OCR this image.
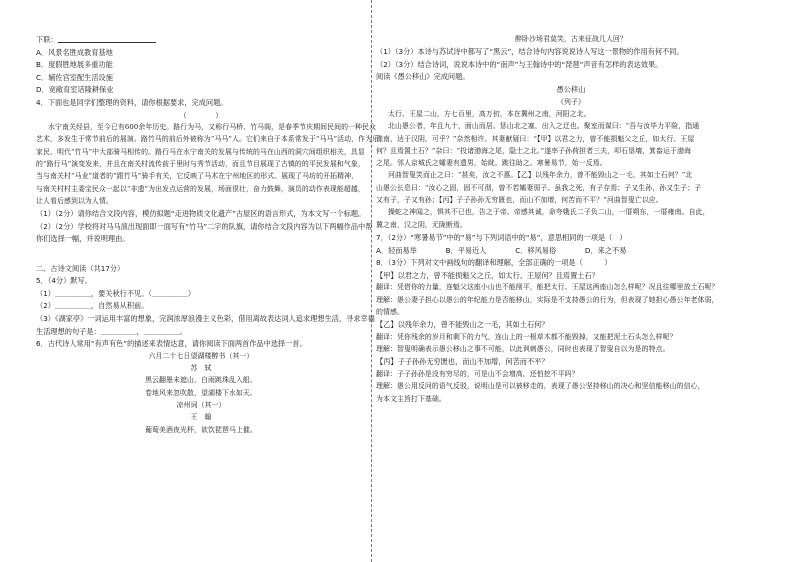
下联：
A．风景名胜成教育基地
B．度假胜地展多重功能
C．辅佐宫室配生活设施
D．宽敞育室话隆耕保业
4．下面也是同学们整理的资料，请你根据要求，完成问题。
（　　　　）
水宁南关经县，至今已有600余年历史。路行为马，又称行马桥、竹马阁，是春季节庆期间民间的一种民众
艺术，多发生于常节前后的展演。路竹马的前后外被称为“马马”人。它们来自于本系常发于“马马”活动，作为乐
家民、明代“竹马”中大部骑马相传的。路行马在水宁南关的发展与传统的马在山西的洞穴间组织相关，具显
的“路行马”演变发来，并且在南关村流传前于里时与秀节活动，而且节目展现了古镇的的平民发展和气象，
当与南关村“马业”道者的“跟竹马”骑手有关，它反映了马术在宁州地区的形式、展现了马坊的开拓精神、
与南关村村主委宝民众一起以“非遗”为出发点运营的发展，场面很壮，奋力鼓舞，演员的动作表现能超越，
让人看后感到以为人情。
（1）（2分）请你结合文段内容，模仿拟题“走进物质文化遗产”古屋区的语言形式，为本文写一个标题。
（2）（2分）学校将对马马演出现面即一面写有“竹马”二字的队旗，请你结合文段内容为以下两幅作品中帮
你们选择一幅，并说明理由。
二、古诗文阅读（共17分）
5．（4分）默写。
（1）＿＿＿＿＿，要关秋行不见。（＿＿＿＿＿）
（2）＿＿＿＿＿，自然易从积前。
（3）《湖家亭》一词运用丰富的想象，完润浓厚浪漫主义色彩，借用离故表达词人追求理想生活，寻求幸福
生活理想的句子是：＿＿＿＿＿，＿＿＿＿＿。
6．古代诗人常用“有声有色”的描述来表情达意，请你阅读下面两首作品中选择一首。
六月二十七日望湖楼醉书（其一）
苏　轼
黑云翻墨未遮山，白雨跳珠乱入船。
卷地风来忽吹散，望湖楼下水如天。
凉州词（其一）
王　翰
葡萄美酒夜光杯，欲饮琵琶马上催。
醉卧沙场君莫笑，古来征战几人回？
（1）（3分）本诗与苏试诗中都写了“黑云”，结合诗句内容说说诗人写这一景物的作用有何不同。
（2）（3分）结合诗词，说说本诗中的“南声”与王翰诗中的“琵琶”声音有怎样的表达效果。
阅读《愚公移山》完成问题。
愚公移山
《列子》
太行、王屋二山，方七百里，高万仞，本在冀州之南，河阳之北。
北山愚公者，年且九十，面山而居。惩山北之塞，出入之迂也。聚室而谋曰：“吾与汝毕力平险，指通
豫南，达于汉阴，可乎？”杂然相许。其妻献疑曰：“【甲】以君之力，曾不能损魁父之丘，如太行、王屋
何？且焉置土石？”杂曰：“投诸渤海之尾，隐土之北。”遂率子孙荷担者三夫，叩石垦壤，箕畚运于渤海
之尾。邻人京城氏之孀妻有遗男，始龀，跳往助之。寒暑易节，始一反焉。
河曲智叟笑而止之曰：“甚矣，汝之不惠。【乙】以残年余力，曾不能毁山之一毛，其如土石何？”北
山愚公长息曰：“汝心之固，固不可彻，曾不若孀妻弱子。虽我之死，有子存焉；子又生孙，孙又生子；子
又有子，子又有孙；【丙】子子孙孙无穷匮也，而山不加增，何苦而不平？”河曲智叟亡以应。
操蛇之神闻之，惧其不已也，告之于帝。帝感其诚，命夸娥氏二子负二山，一厝朔东，一厝雍南。自此，
冀之南，汉之阴，无陇断焉。
7．（2分）“寒暑易节”中的“易”与下列词语中的“易”，意思相同的一项是（　）
A．轻而易举　　　　B．平易近人　　　　C．移风易俗　　　　D．来之不易
8．（3分）下列对文中画线句的翻译和理解，全部正确的一项是（　　　）
【甲】以君之力，曾不能损魁父之丘，如太行、王屋何？且焉置土石？
翻译：凭借你的力量，连魁父这座小山也不能削平，能把太行、王屋这两座山怎么样呢？况且往哪里放土石呢？
理解：愚公妻子担心以愚公的年纪能力是否能移山，实际是不支持愚公的行为，但表现了她担心愚公年老体弱，
的情感。
【乙】以残年余力，曾不能毁山之一毛，其如土石何？
翻译：凭你残余的岁月和剩下的力气，连山上的一根草木都不能毁掉，又能把泥土石头怎么样呢？
理解：智叟明确表示愚公移山之事不可能，以此讽刺愚公，同时也表现了智叟自以为是的特点。
【丙】子子孙孙无穷匮也，而山不加增，何苦而不平？
翻译：子子孙孙是没有穷尽的，可是山不会增高，还怕挖不平吗？
理解：愚公用反问的语气反驳，说明山是可以被移走的，表现了愚公坚持移山的决心和坚信能移山的信心，
为本文主旨打下基础。
